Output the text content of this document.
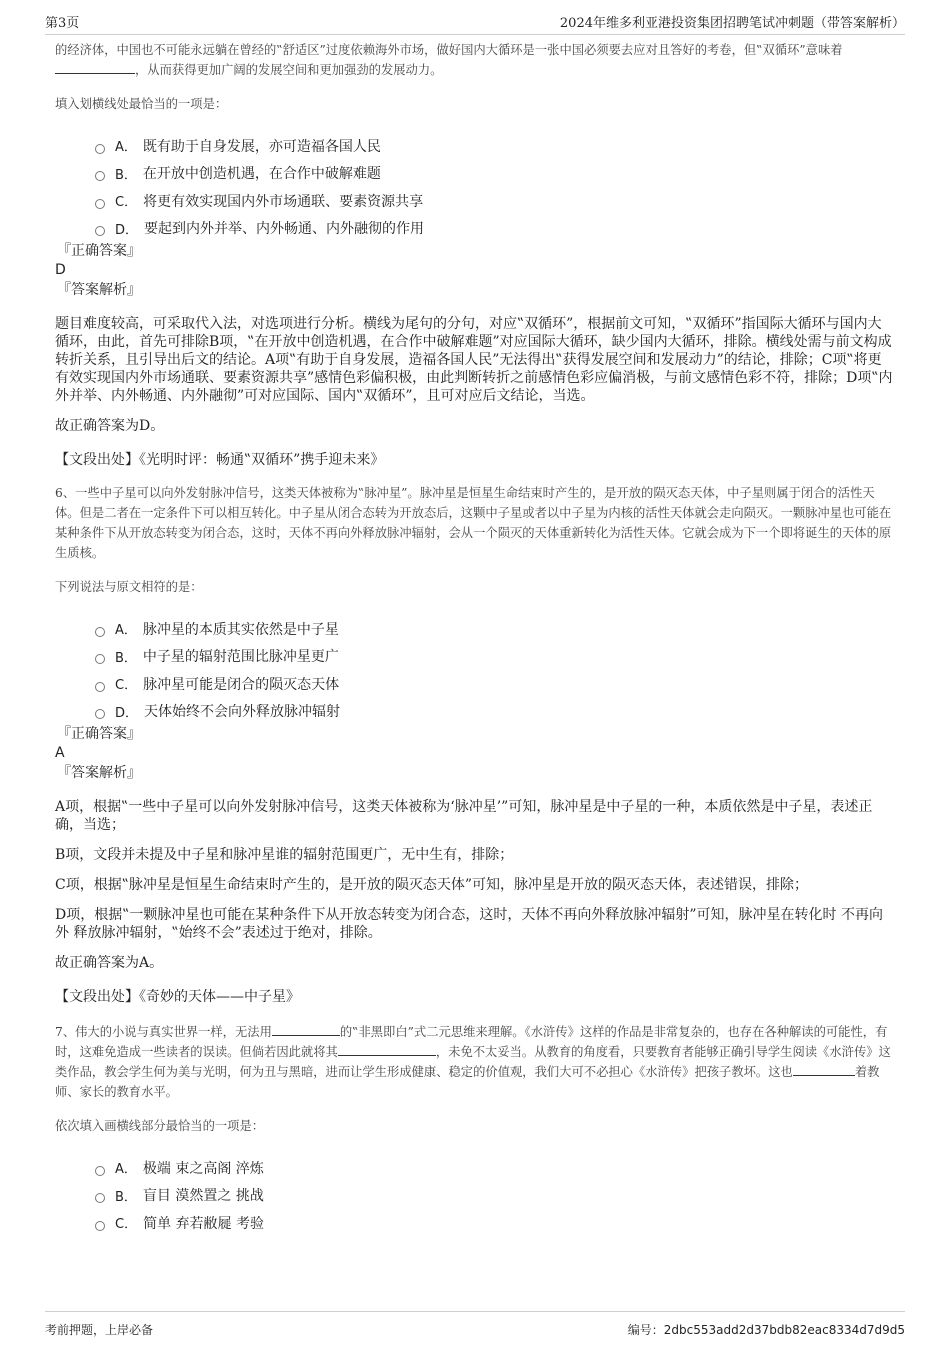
第3页	2024年维多利亚港投资集团招聘笔试冲刺题（带答案解析）

的经济体，中国也不可能永远躺在曾经的‟舒适区”过度依赖海外市场，做好国内大循环是一张中国必须要去应对且答好的考卷，但‟双循环”意味着，从而获得更加广阔的发展空间和更加强劲的发展动力。

填入划横线处最恰当的一项是：

A． 既有助于自身发展，亦可造福各国人民
B． 在开放中创造机遇，在合作中破解难题
C． 将更有效实现国内外市场通联、要素资源共享
D． 要起到内外并举、内外畅通、内外融彻的作用
『正确答案』
D
『答案解析』

题目难度较高，可采取代入法，对选项进行分析。横线为尾句的分句，对应‟双循环”，根据前文可知，‟双循环”指国际大循环与国内大循环，由此，首先可排除B项，‟在开放中创造机遇，在合作中破解难题”对应国际大循环，缺少国内大循环，排除。横线处需与前文构成转折关系，且引导出后文的结论。A项‟有助于自身发展，造福各国人民”无法得出‟获得发展空间和发展动力”的结论，排除；C项‟将更有效实现国内外市场通联、要素资源共享”感情色彩偏积极，由此判断转折之前感情色彩应偏消极，与前文感情色彩不符，排除；D项‟内外并举、内外畅通、内外融彻”可对应国际、国内‟双循环”，且可对应后文结论，当选。

故正确答案为D。

【文段出处】《光明时评：畅通‟双循环”携手迎未来》

6、一些中子星可以向外发射脉冲信号，这类天体被称为‟脉冲星”。脉冲星是恒星生命结束时产生的，是开放的陨灭态天体，中子星则属于闭合的活性天体。但是二者在一定条件下可以相互转化。中子星从闭合态转为开放态后，这颗中子星或者以中子星为内核的活性天体就会走向陨灭。一颗脉冲星也可能在某种条件下从开放态转变为闭合态，这时，天体不再向外释放脉冲辐射，会从一个陨灭的天体重新转化为活性天体。它就会成为下一个即将诞生的天体的原生质核。

下列说法与原文相符的是：

A． 脉冲星的本质其实依然是中子星
B． 中子星的辐射范围比脉冲星更广
C． 脉冲星可能是闭合的陨灭态天体
D． 天体始终不会向外释放脉冲辐射
『正确答案』
A
『答案解析』

A项，根据‟一些中子星可以向外发射脉冲信号，这类天体被称为‘脉冲星’”可知，脉冲星是中子星的一种，本质依然是中子星，表述正确，当选；

B项，文段并未提及中子星和脉冲星谁的辐射范围更广，无中生有，排除；

C项，根据‟脉冲星是恒星生命结束时产生的，是开放的陨灭态天体”可知，脉冲星是开放的陨灭态天体，表述错误，排除；

D项，根据‟一颗脉冲星也可能在某种条件下从开放态转变为闭合态，这时，天体不再向外释放脉冲辐射”可知，脉冲星在转化时 不再向外 释放脉冲辐射，‟始终不会”表述过于绝对，排除。

故正确答案为A。

【文段出处】《奇妙的天体——中子星》

7、伟大的小说与真实世界一样，无法用	的‟非黑即白”式二元思维来理解。《水浒传》这样的作品是非常复杂的，也存在各种解读的可能性，有时，这难免造成一些读者的误读。但倘若因此就将其	，未免不太妥当。从教育的角度看，只要教育者能够正确引导学生阅读《水浒传》这类作品，教会学生何为美与光明，何为丑与黑暗，进而让学生形成健康、稳定的价值观，我们大可不必担心《水浒传》把孩子教坏。这也	着教师、家长的教育水平。

依次填入画横线部分最恰当的一项是：

A． 极端 束之高阁 淬炼
B． 盲目 漠然置之 挑战
C． 简单 弃若敝屣 考验
考前押题，上岸必备	编号：2dbc553add2d37bdb82eac8334d7d9d5
